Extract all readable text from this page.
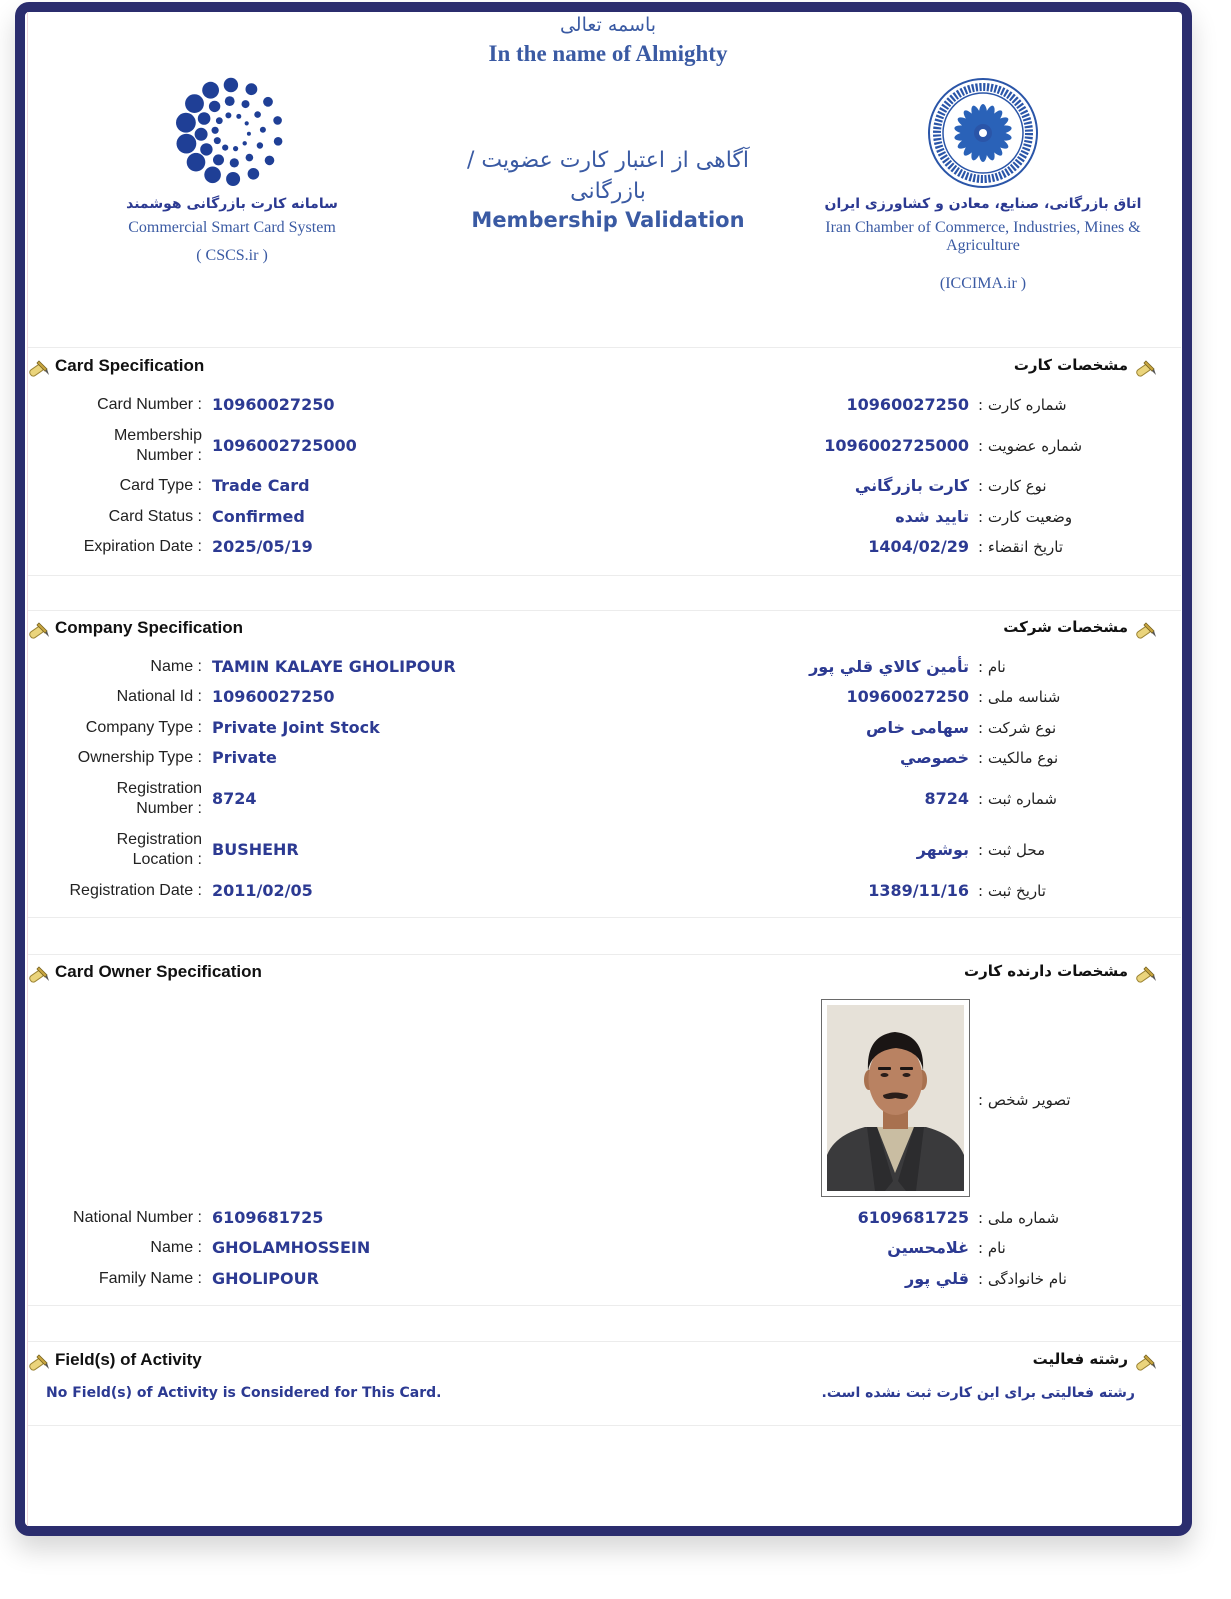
باسمه تعالی
In the name of Almighty
آگاهی از اعتبار کارت عضویت /
بازرگانی
Membership Validation
سامانه کارت بازرگانی هوشمند
Commercial Smart Card System
( CSCS.ir )
اتاق بازرگانی، صنایع، معادن و کشاورزی ایران
Iran Chamber of Commerce, Industries, Mines &
Agriculture
(ICCIMA.ir )
Card Specification	مشخصات کارت
Card Number : 10960027250	10960027250 شماره کارت :
Membership
Number :
1096002725000	1096002725000 شماره عضویت :
Card Type : Trade Card	کارت بازرگاني نوع کارت :
Card Status : Confirmed	تایید شده وضعیت کارت :
Expiration Date : 2025/05/19	1404/02/29 تاریخ انقضاء :
Company Specification	مشخصات شرکت
Name : TAMIN KALAYE GHOLIPOUR	تأمین کالاي قلي پور نام :
National Id : 10960027250	10960027250 شناسه ملی :
Company Type : Private Joint Stock	سهامی خاص نوع شرکت :
Ownership Type : Private	خصوصي نوع مالکیت :
Registration
Number :
8724	8724 شماره ثبت :
Registration
Location :
BUSHEHR	بوشهر محل ثبت :
Registration Date : 2011/02/05	1389/11/16 تاریخ ثبت :
Card Owner Specification	مشخصات دارنده کارت
تصویر شخص :
National Number : 6109681725	6109681725 شماره ملی :
Name : GHOLAMHOSSEIN	غلامحسین نام :
Family Name : GHOLIPOUR	قلي پور نام خانوادگی :
Field(s) of Activity	رشته فعالیت
No Field(s) of Activity is Considered for This Card.	رشته فعالیتی برای این کارت ثبت نشده است.
